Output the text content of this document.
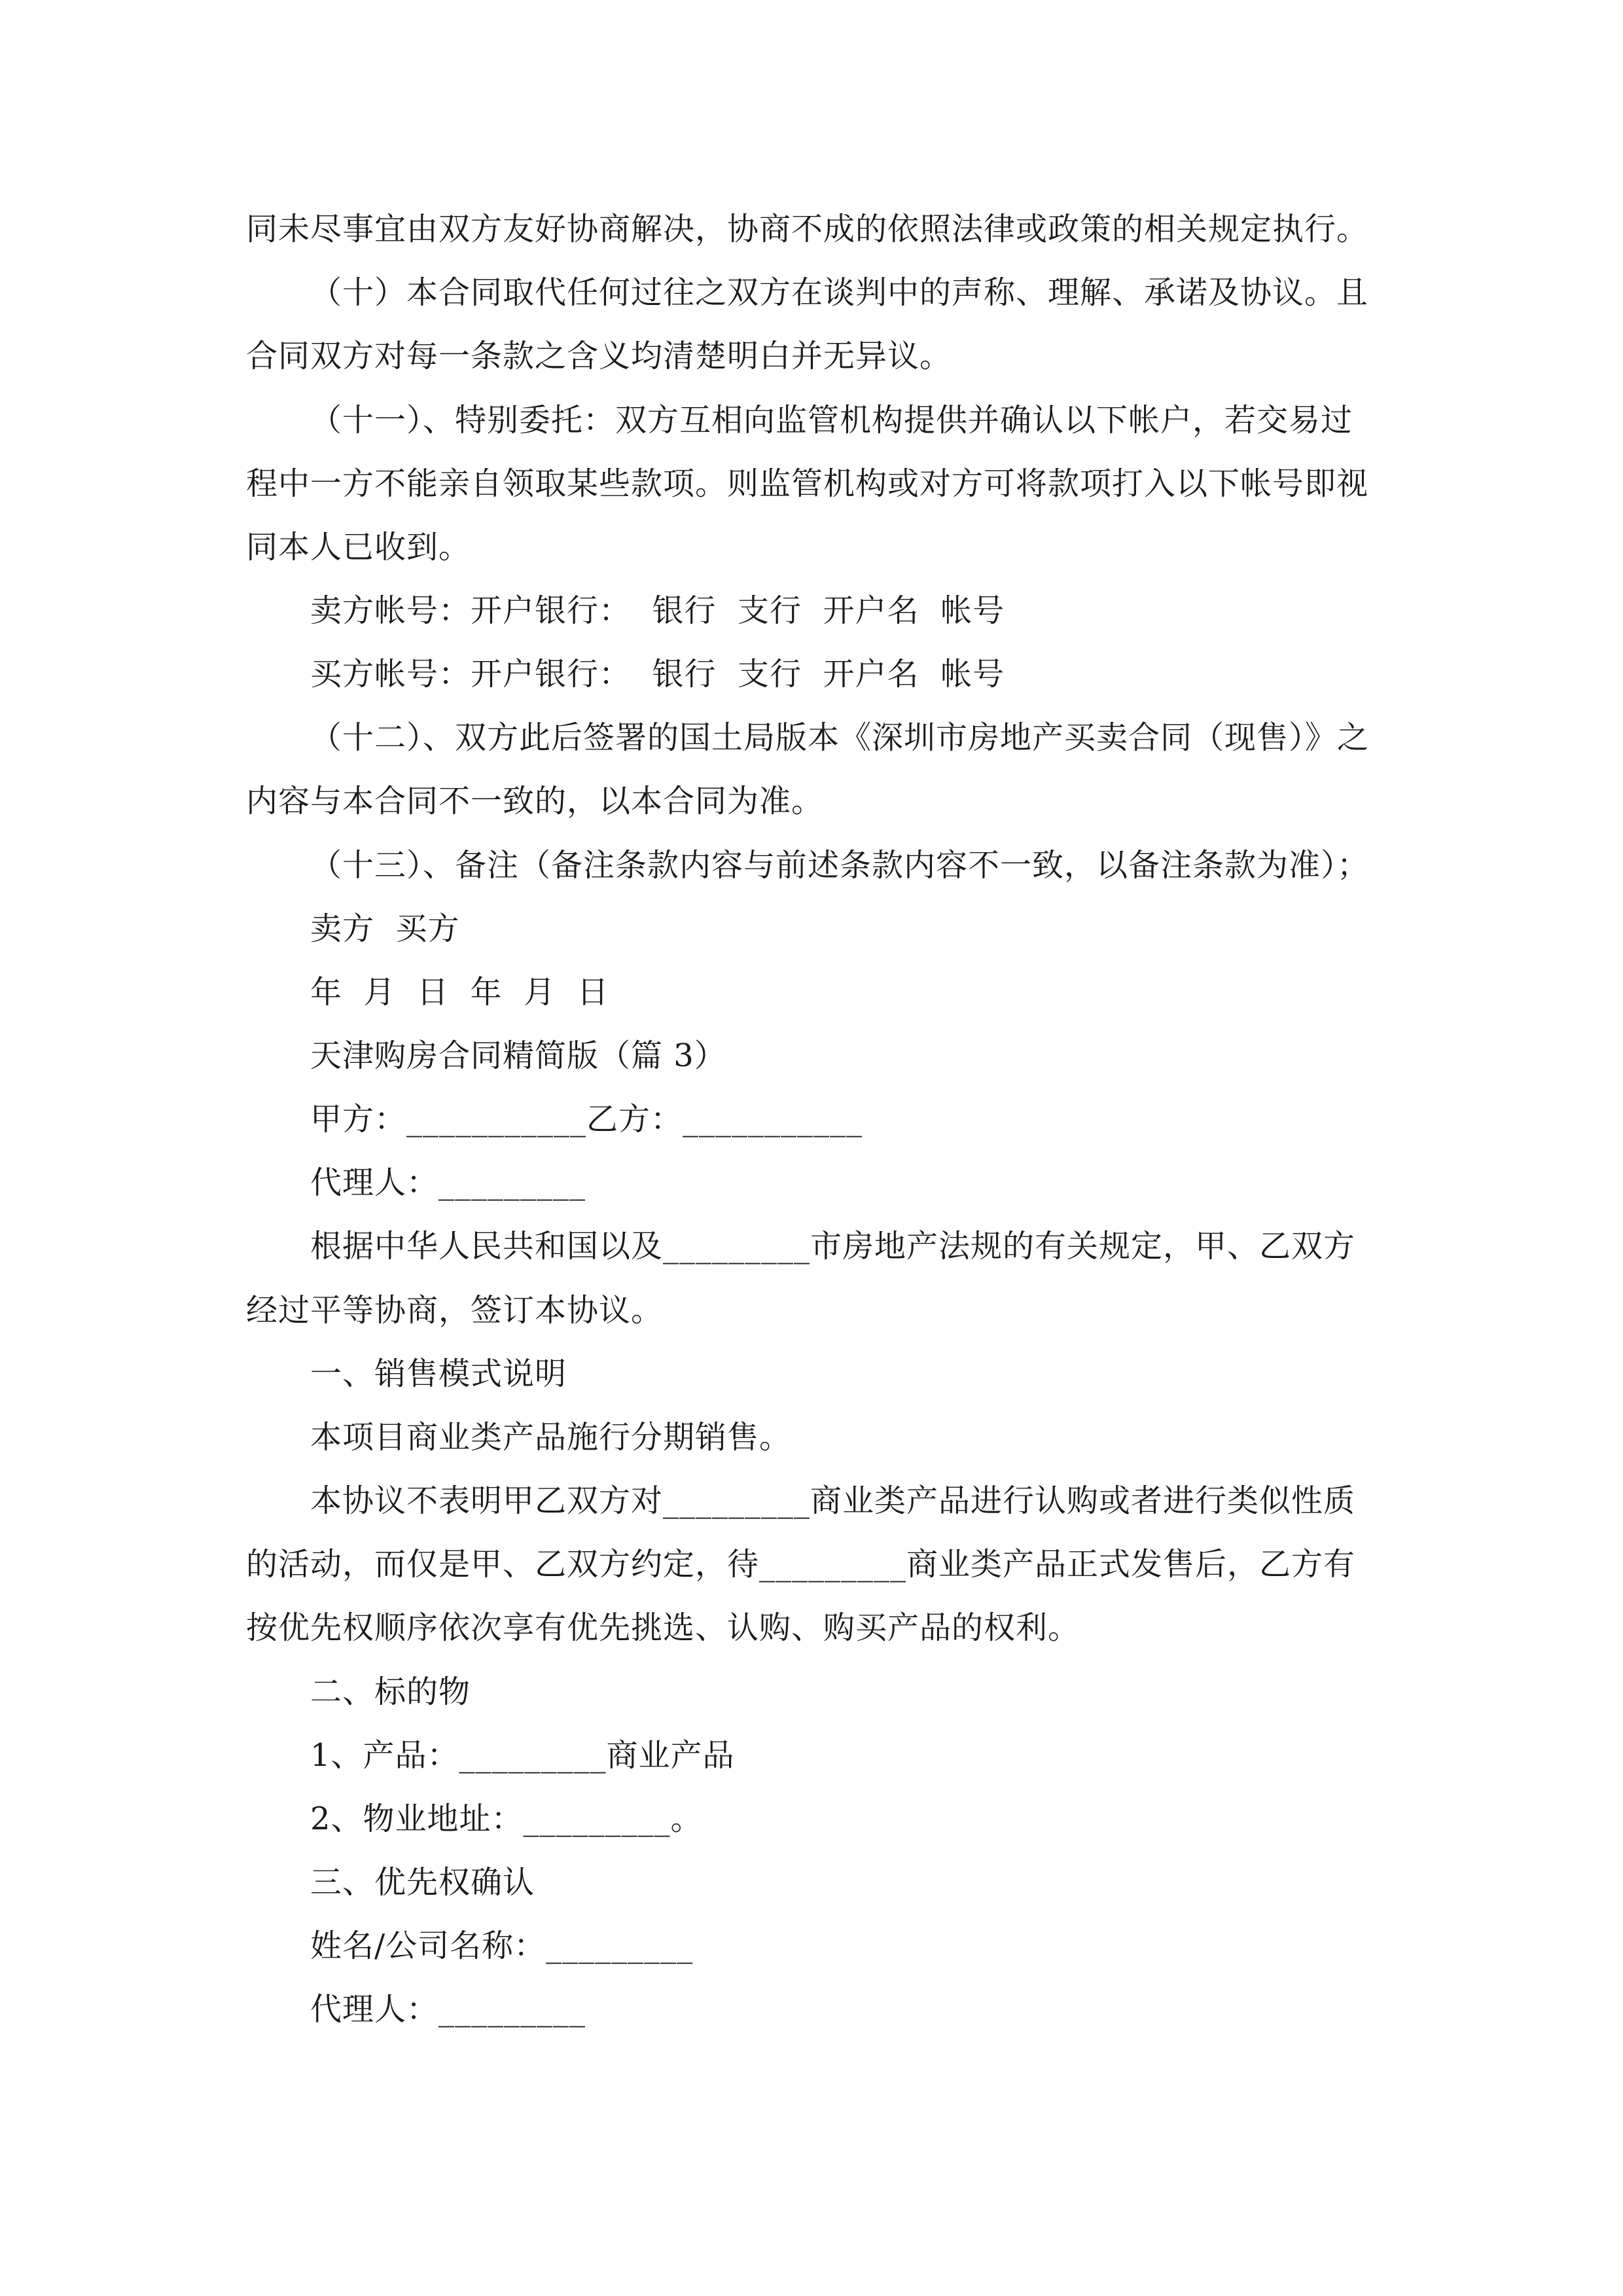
同未尽事宜由双方友好协商解决，协商不成的依照法律或政策的相关规定执行。
（十）本合同取代任何过往之双方在谈判中的声称、理解、承诺及协议。且
合同双方对每一条款之含义均清楚明白并无异议。
（十一）、特别委托：双方互相向监管机构提供并确认以下帐户，若交易过
程中一方不能亲自领取某些款项。则监管机构或对方可将款项打入以下帐号即视
同本人已收到。
卖方帐号：开户银行：  银行  支行  开户名  帐号
买方帐号：开户银行：  银行  支行  开户名  帐号
（十二）、双方此后签署的国土局版本《深圳市房地产买卖合同（现售）》之
内容与本合同不一致的，以本合同为准。
（十三）、备注（备注条款内容与前述条款内容不一致，以备注条款为准）；
卖方  买方
年  月  日  年  月  日
天津购房合同精简版（篇 3）
甲方：___________乙方：___________
代理人：_________
根据中华人民共和国以及_________市房地产法规的有关规定，甲、乙双方
经过平等协商，签订本协议。
一、销售模式说明
本项目商业类产品施行分期销售。
本协议不表明甲乙双方对_________商业类产品进行认购或者进行类似性质
的活动，而仅是甲、乙双方约定，待_________商业类产品正式发售后，乙方有
按优先权顺序依次享有优先挑选、认购、购买产品的权利。
二、标的物
1、产品：_________商业产品
2、物业地址：_________。
三、优先权确认
姓名/公司名称：_________
代理人：_________
